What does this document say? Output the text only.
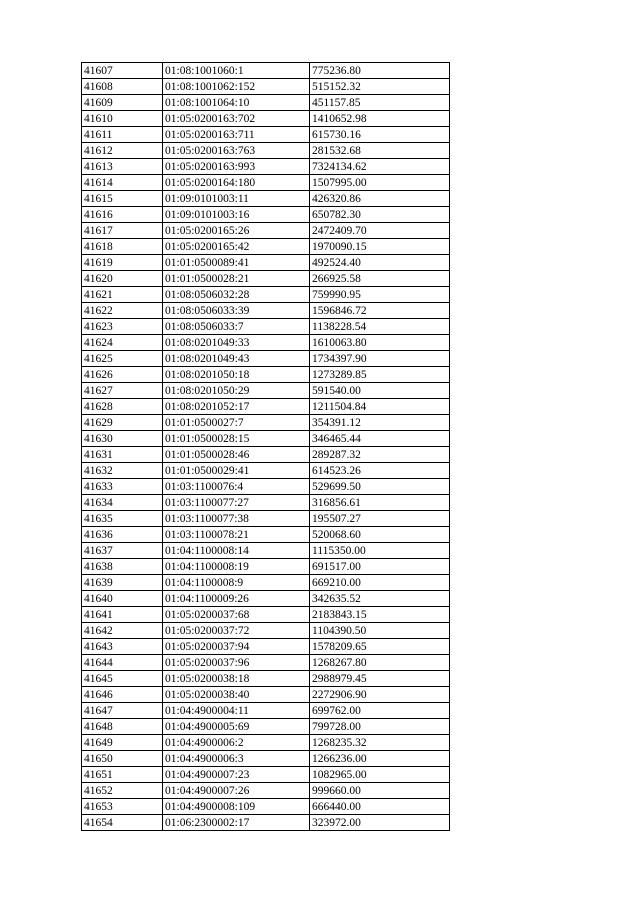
41607	01:08:1001060:1	775236.80
41608	01:08:1001062:152	515152.32
41609	01:08:1001064:10	451157.85
41610	01:05:0200163:702	1410652.98
41611	01:05:0200163:711	615730.16
41612	01:05:0200163:763	281532.68
41613	01:05:0200163:993	7324134.62
41614	01:05:0200164:180	1507995.00
41615	01:09:0101003:11	426320.86
41616	01:09:0101003:16	650782.30
41617	01:05:0200165:26	2472409.70
41618	01:05:0200165:42	1970090.15
41619	01:01:0500089:41	492524.40
41620	01:01:0500028:21	266925.58
41621	01:08:0506032:28	759990.95
41622	01:08:0506033:39	1596846.72
41623	01:08:0506033:7	1138228.54
41624	01:08:0201049:33	1610063.80
41625	01:08:0201049:43	1734397.90
41626	01:08:0201050:18	1273289.85
41627	01:08:0201050:29	591540.00
41628	01:08:0201052:17	1211504.84
41629	01:01:0500027:7	354391.12
41630	01:01:0500028:15	346465.44
41631	01:01:0500028:46	289287.32
41632	01:01:0500029:41	614523.26
41633	01:03:1100076:4	529699.50
41634	01:03:1100077:27	316856.61
41635	01:03:1100077:38	195507.27
41636	01:03:1100078:21	520068.60
41637	01:04:1100008:14	1115350.00
41638	01:04:1100008:19	691517.00
41639	01:04:1100008:9	669210.00
41640	01:04:1100009:26	342635.52
41641	01:05:0200037:68	2183843.15
41642	01:05:0200037:72	1104390.50
41643	01:05:0200037:94	1578209.65
41644	01:05:0200037:96	1268267.80
41645	01:05:0200038:18	2988979.45
41646	01:05:0200038:40	2272906.90
41647	01:04:4900004:11	699762.00
41648	01:04:4900005:69	799728.00
41649	01:04:4900006:2	1268235.32
41650	01:04:4900006:3	1266236.00
41651	01:04:4900007:23	1082965.00
41652	01:04:4900007:26	999660.00
41653	01:04:4900008:109	666440.00
41654	01:06:2300002:17	323972.00
